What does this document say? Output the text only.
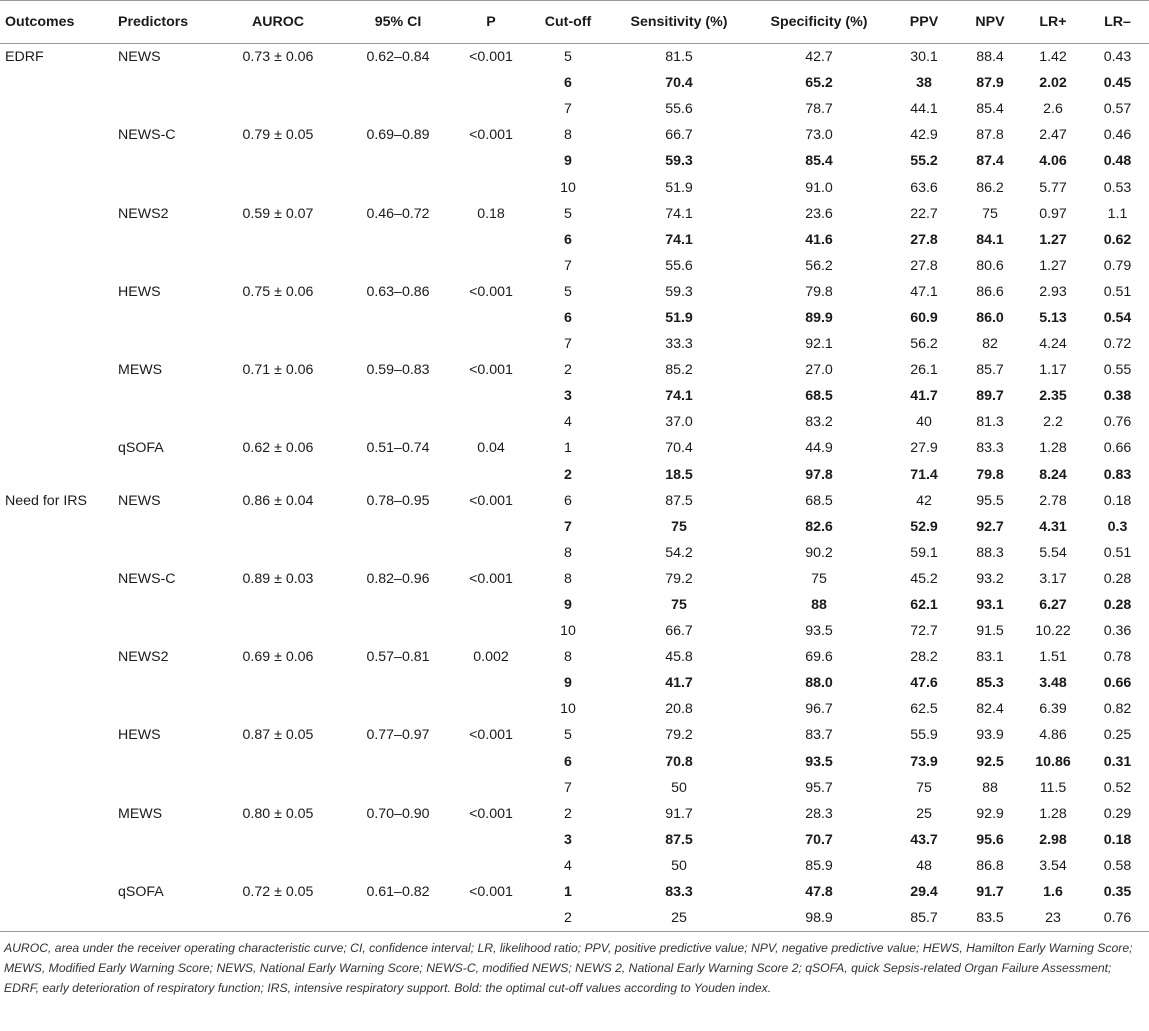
Outcomes	Predictors	AUROC	95% CI	P	Cut-off	Sensitivity (%)	Specificity (%)	PPV	NPV	LR+	LR–
EDRF	NEWS	0.73 ± 0.06	0.62–0.84	<0.001	5	81.5	42.7	30.1	88.4	1.42	0.43
					6	70.4	65.2	38	87.9	2.02	0.45
					7	55.6	78.7	44.1	85.4	2.6	0.57
	NEWS-C	0.79 ± 0.05	0.69–0.89	<0.001	8	66.7	73.0	42.9	87.8	2.47	0.46
					9	59.3	85.4	55.2	87.4	4.06	0.48
					10	51.9	91.0	63.6	86.2	5.77	0.53
	NEWS2	0.59 ± 0.07	0.46–0.72	0.18	5	74.1	23.6	22.7	75	0.97	1.1
					6	74.1	41.6	27.8	84.1	1.27	0.62
					7	55.6	56.2	27.8	80.6	1.27	0.79
	HEWS	0.75 ± 0.06	0.63–0.86	<0.001	5	59.3	79.8	47.1	86.6	2.93	0.51
					6	51.9	89.9	60.9	86.0	5.13	0.54
					7	33.3	92.1	56.2	82	4.24	0.72
	MEWS	0.71 ± 0.06	0.59–0.83	<0.001	2	85.2	27.0	26.1	85.7	1.17	0.55
					3	74.1	68.5	41.7	89.7	2.35	0.38
					4	37.0	83.2	40	81.3	2.2	0.76
	qSOFA	0.62 ± 0.06	0.51–0.74	0.04	1	70.4	44.9	27.9	83.3	1.28	0.66
					2	18.5	97.8	71.4	79.8	8.24	0.83
Need for IRS	NEWS	0.86 ± 0.04	0.78–0.95	<0.001	6	87.5	68.5	42	95.5	2.78	0.18
					7	75	82.6	52.9	92.7	4.31	0.3
					8	54.2	90.2	59.1	88.3	5.54	0.51
	NEWS-C	0.89 ± 0.03	0.82–0.96	<0.001	8	79.2	75	45.2	93.2	3.17	0.28
					9	75	88	62.1	93.1	6.27	0.28
					10	66.7	93.5	72.7	91.5	10.22	0.36
	NEWS2	0.69 ± 0.06	0.57–0.81	0.002	8	45.8	69.6	28.2	83.1	1.51	0.78
					9	41.7	88.0	47.6	85.3	3.48	0.66
					10	20.8	96.7	62.5	82.4	6.39	0.82
	HEWS	0.87 ± 0.05	0.77–0.97	<0.001	5	79.2	83.7	55.9	93.9	4.86	0.25
					6	70.8	93.5	73.9	92.5	10.86	0.31
					7	50	95.7	75	88	11.5	0.52
	MEWS	0.80 ± 0.05	0.70–0.90	<0.001	2	91.7	28.3	25	92.9	1.28	0.29
					3	87.5	70.7	43.7	95.6	2.98	0.18
					4	50	85.9	48	86.8	3.54	0.58
	qSOFA	0.72 ± 0.05	0.61–0.82	<0.001	1	83.3	47.8	29.4	91.7	1.6	0.35
					2	25	98.9	85.7	83.5	23	0.76

AUROC, area under the receiver operating characteristic curve; CI, confidence interval; LR, likelihood ratio; PPV, positive predictive value; NPV, negative predictive value; HEWS, Hamilton Early Warning Score; MEWS, Modified Early Warning Score; NEWS, National Early Warning Score; NEWS-C, modified NEWS; NEWS 2, National Early Warning Score 2; qSOFA, quick Sepsis-related Organ Failure Assessment; EDRF, early deterioration of respiratory function; IRS, intensive respiratory support. Bold: the optimal cut-off values according to Youden index.
